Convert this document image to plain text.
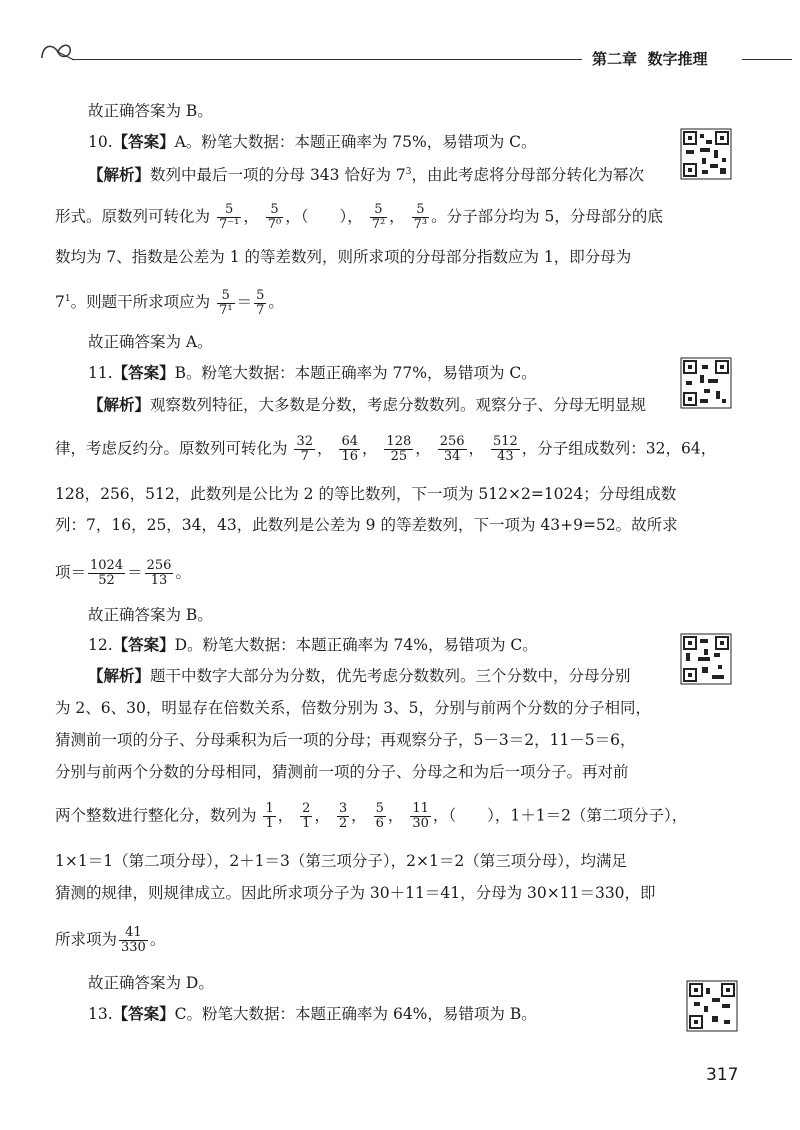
第二章 数字推理
故正确答案为 B。
10.【答案】A。粉笔大数据：本题正确率为 75%，易错项为 C。
【解析】数列中最后一项的分母 343 恰好为 $7^3$，由此考虑将分母部分转化为幂次
形式。原数列可转化为 $\frac{5}{\text{7⁻¹}}$ ， $\frac{5}{\text{7⁰}}$ ，（　　）， $\frac{5}{\text{7²}}$ ， $\frac{5}{\text{7³}}$ 。分子部分均为 5，分母部分的底
数均为 7、指数是公差为 1 的等差数列，则所求项的分母部分指数应为 1，即分母为
$7^1$。则题干所求项应为 $\frac{5}{\text{7¹}} = \frac{5}{7}$ 。
故正确答案为 A。
11.【答案】B。粉笔大数据：本题正确率为 77%，易错项为 C。
【解析】观察数列特征，大多数是分数，考虑分数数列。观察分子、分母无明显规
律，考虑反约分。原数列可转化为 $\frac{32}{7}$ ， $\frac{64}{16}$ ， $\frac{128}{25}$ ， $\frac{256}{34}$ ， $\frac{512}{43}$ ，分子组成数列：32，64，
128，256，512，此数列是公比为 2 的等比数列，下一项为 512×2=1024；分母组成数
列：7，16，25，34，43，此数列是公差为 9 的等差数列，下一项为 43+9=52。故所求
项＝ $\frac{1024}{52} = \frac{256}{13}$ 。
故正确答案为 B。
12.【答案】D。粉笔大数据：本题正确率为 74%，易错项为 C。
【解析】题干中数字大部分为分数，优先考虑分数数列。三个分数中，分母分别
为 2、6、30，明显存在倍数关系，倍数分别为 3、5，分别与前两个分数的分子相同，
猜测前一项的分子、分母乘积为后一项的分母；再观察分子，5－3＝2，11－5＝6，
分别与前两个分数的分母相同，猜测前一项的分子、分母之和为后一项分子。再对前
两个整数进行整化分，数列为 $\frac{1}{1}$ ， $\frac{2}{1}$ ， $\frac{3}{2}$ ， $\frac{5}{6}$ ， $\frac{11}{30}$ ，（　　），1＋1＝2（第二项分子），
1×1＝1（第二项分母），2＋1＝3（第三项分子），2×1＝2（第三项分母），均满足
猜测的规律，则规律成立。因此所求项分子为 30＋11＝41，分母为 30×11＝330，即
所求项为 $\frac{41}{330}$ 。
故正确答案为 D。
13.【答案】C。粉笔大数据：本题正确率为 64%，易错项为 B。
317
